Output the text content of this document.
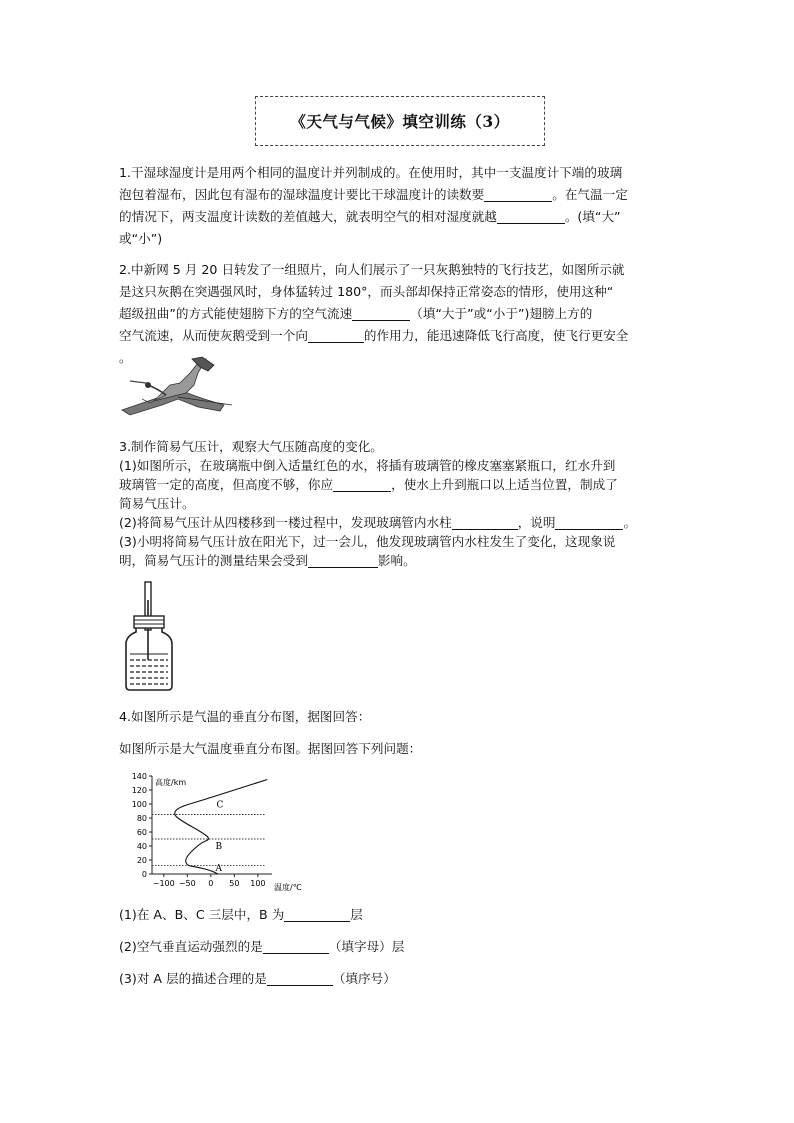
《天气与气候》填空训练（3）
1.干湿球湿度计是用两个相同的温度计并列制成的。在使用时，其中一支温度计下端的玻璃
泡包着湿布，因此包有湿布的湿球温度计要比干球温度计的读数要	。在气温一定
的情况下，两支温度计读数的差值越大，就表明空气的相对湿度就越	。(填“大”
或“小”)
2.中新网 5 月 20 日转发了一组照片，向人们展示了一只灰鹅独特的飞行技艺，如图所示就
是这只灰鹅在突遇强风时，身体猛转过 180°，而头部却保持正常姿态的情形，使用这种“
超级扭曲”的方式能使翅膀下方的空气流速	（填“大于”或“小于”)翅膀上方的
空气流速，从而使灰鹅受到一个向	的作用力，能迅速降低飞行高度，使飞行更安全
。
3.制作简易气压计，观察大气压随高度的变化。
(1)如图所示，在玻璃瓶中倒入适量红色的水，将插有玻璃管的橡皮塞塞紧瓶口，红水升到
玻璃管一定的高度，但高度不够，你应	，使水上升到瓶口以上适当位置，制成了
简易气压计。
(2)将简易气压计从四楼移到一楼过程中，发现玻璃管内水柱	，说明	。
(3)小明将简易气压计放在阳光下，过一会儿，他发现玻璃管内水柱发生了变化，这现象说
明，简易气压计的测量结果会受到	影响。
4.如图所示是气温的垂直分布图，据图回答：
如图所示是大气温度垂直分布图。据图回答下列问题：
0
20
40
60
80
100
120
140
−100 −50 0 50 100
高度/km
温度/℃
A
B
C
(1)在 A、B、C 三层中，B 为	层
(2)空气垂直运动强烈的是	（填字母）层
(3)对 A 层的描述合理的是	（填序号）
